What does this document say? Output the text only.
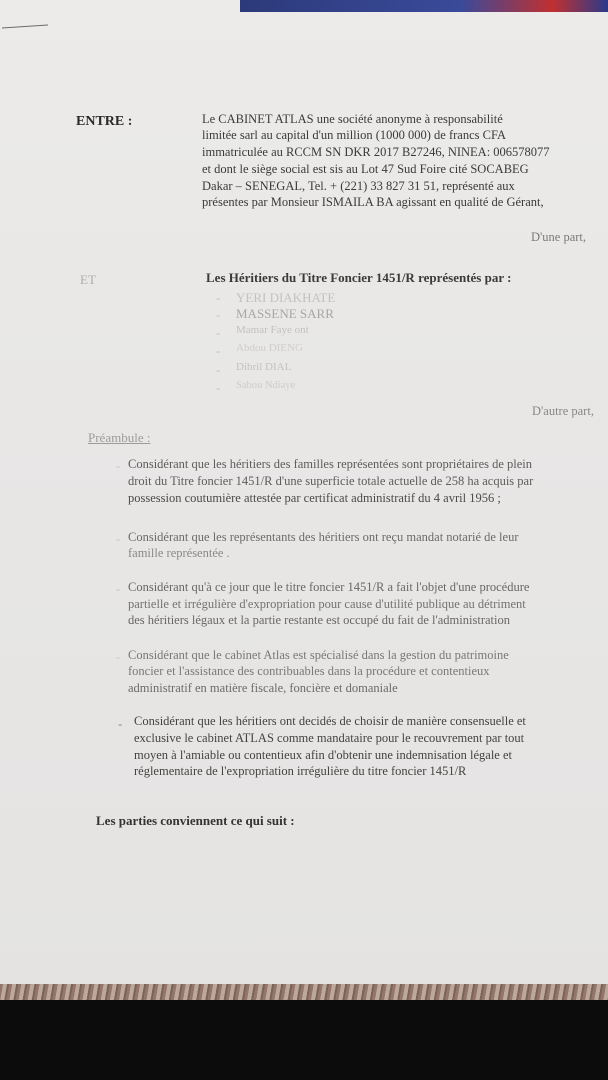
ENTRE :	Le CABINET ATLAS une société anonyme à responsabilité
limitée sarl au capital d'un million (1000 000) de francs CFA
immatriculée au RCCM SN DKR 2017 B27246, NINEA: 006578077
et dont le siège social est sis au Lot 47 Sud Foire cité SOCABEG
Dakar – SENEGAL, Tel. + (221) 33 827 31 51, représenté aux
présentes par Monsieur ISMAILA BA agissant en qualité de Gérant,
D'une part,
ET	Les Héritiers du Titre Foncier 1451/R représentés par :
- YERI DIAKHATE
- MASSENE SARR
- Mamar Faye ont
- Abdou DIENG
- Dibril DIAL
- Sabou Ndiaye
D'autre part,
Préambule :
- Considérant que les héritiers des familles représentées sont propriétaires de plein
droit du Titre foncier 1451/R d'une superficie totale actuelle de 258 ha acquis par
possession coutumière attestée par certificat administratif du 4 avril 1956 ;
- Considérant que les représentants des héritiers ont reçu mandat notarié de leur
famille représentée .
- Considérant qu'à ce jour que le titre foncier 1451/R a fait l'objet d'une procédure
partielle et irrégulière d'expropriation pour cause d'utilité publique au détriment
des héritiers légaux et la partie restante est occupé du fait de l'administration
- Considérant que le cabinet Atlas est spécialisé dans la gestion du patrimoine
foncier et l'assistance des contribuables dans la procédure et contentieux
administratif en matière fiscale, foncière et domaniale
- Considérant que les héritiers ont decidés de choisir de manière consensuelle et
exclusive le cabinet ATLAS comme mandataire pour le recouvrement par tout
moyen à l'amiable ou contentieux afin d'obtenir une indemnisation légale et
réglementaire de l'expropriation irrégulière du titre foncier 1451/R
Les parties conviennent ce qui suit :
